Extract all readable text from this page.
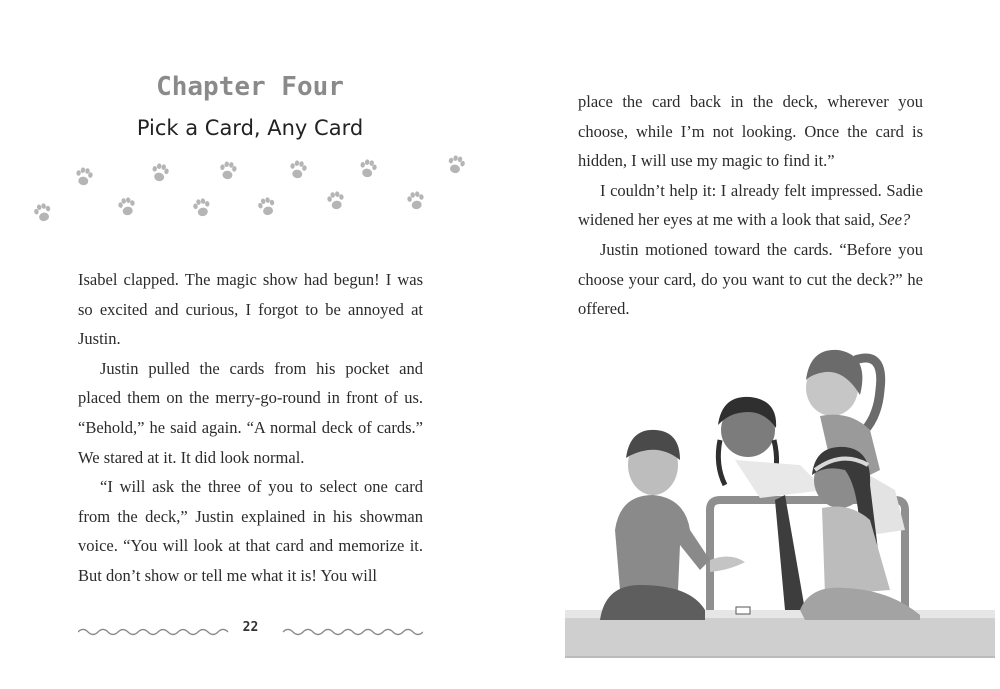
Chapter Four
Pick a Card, Any Card

Isabel clapped. The magic show had begun! I was so excited and curious, I forgot to be annoyed at Justin.

Justin pulled the cards from his pocket and placed them on the merry-go-round in front of us. “Behold,” he said again. “A normal deck of cards.” We stared at it. It did look normal.

“I will ask the three of you to select one card from the deck,” Justin explained in his showman voice. “You will look at that card and memorize it. But don’t show or tell me what it is! You will

22

place the card back in the deck, wherever you choose, while I’m not looking. Once the card is hidden, I will use my magic to find it.”

I couldn’t help it: I already felt impressed. Sadie widened her eyes at me with a look that said, See?

Justin motioned toward the cards. “Before you choose your card, do you want to cut the deck?” he offered.
